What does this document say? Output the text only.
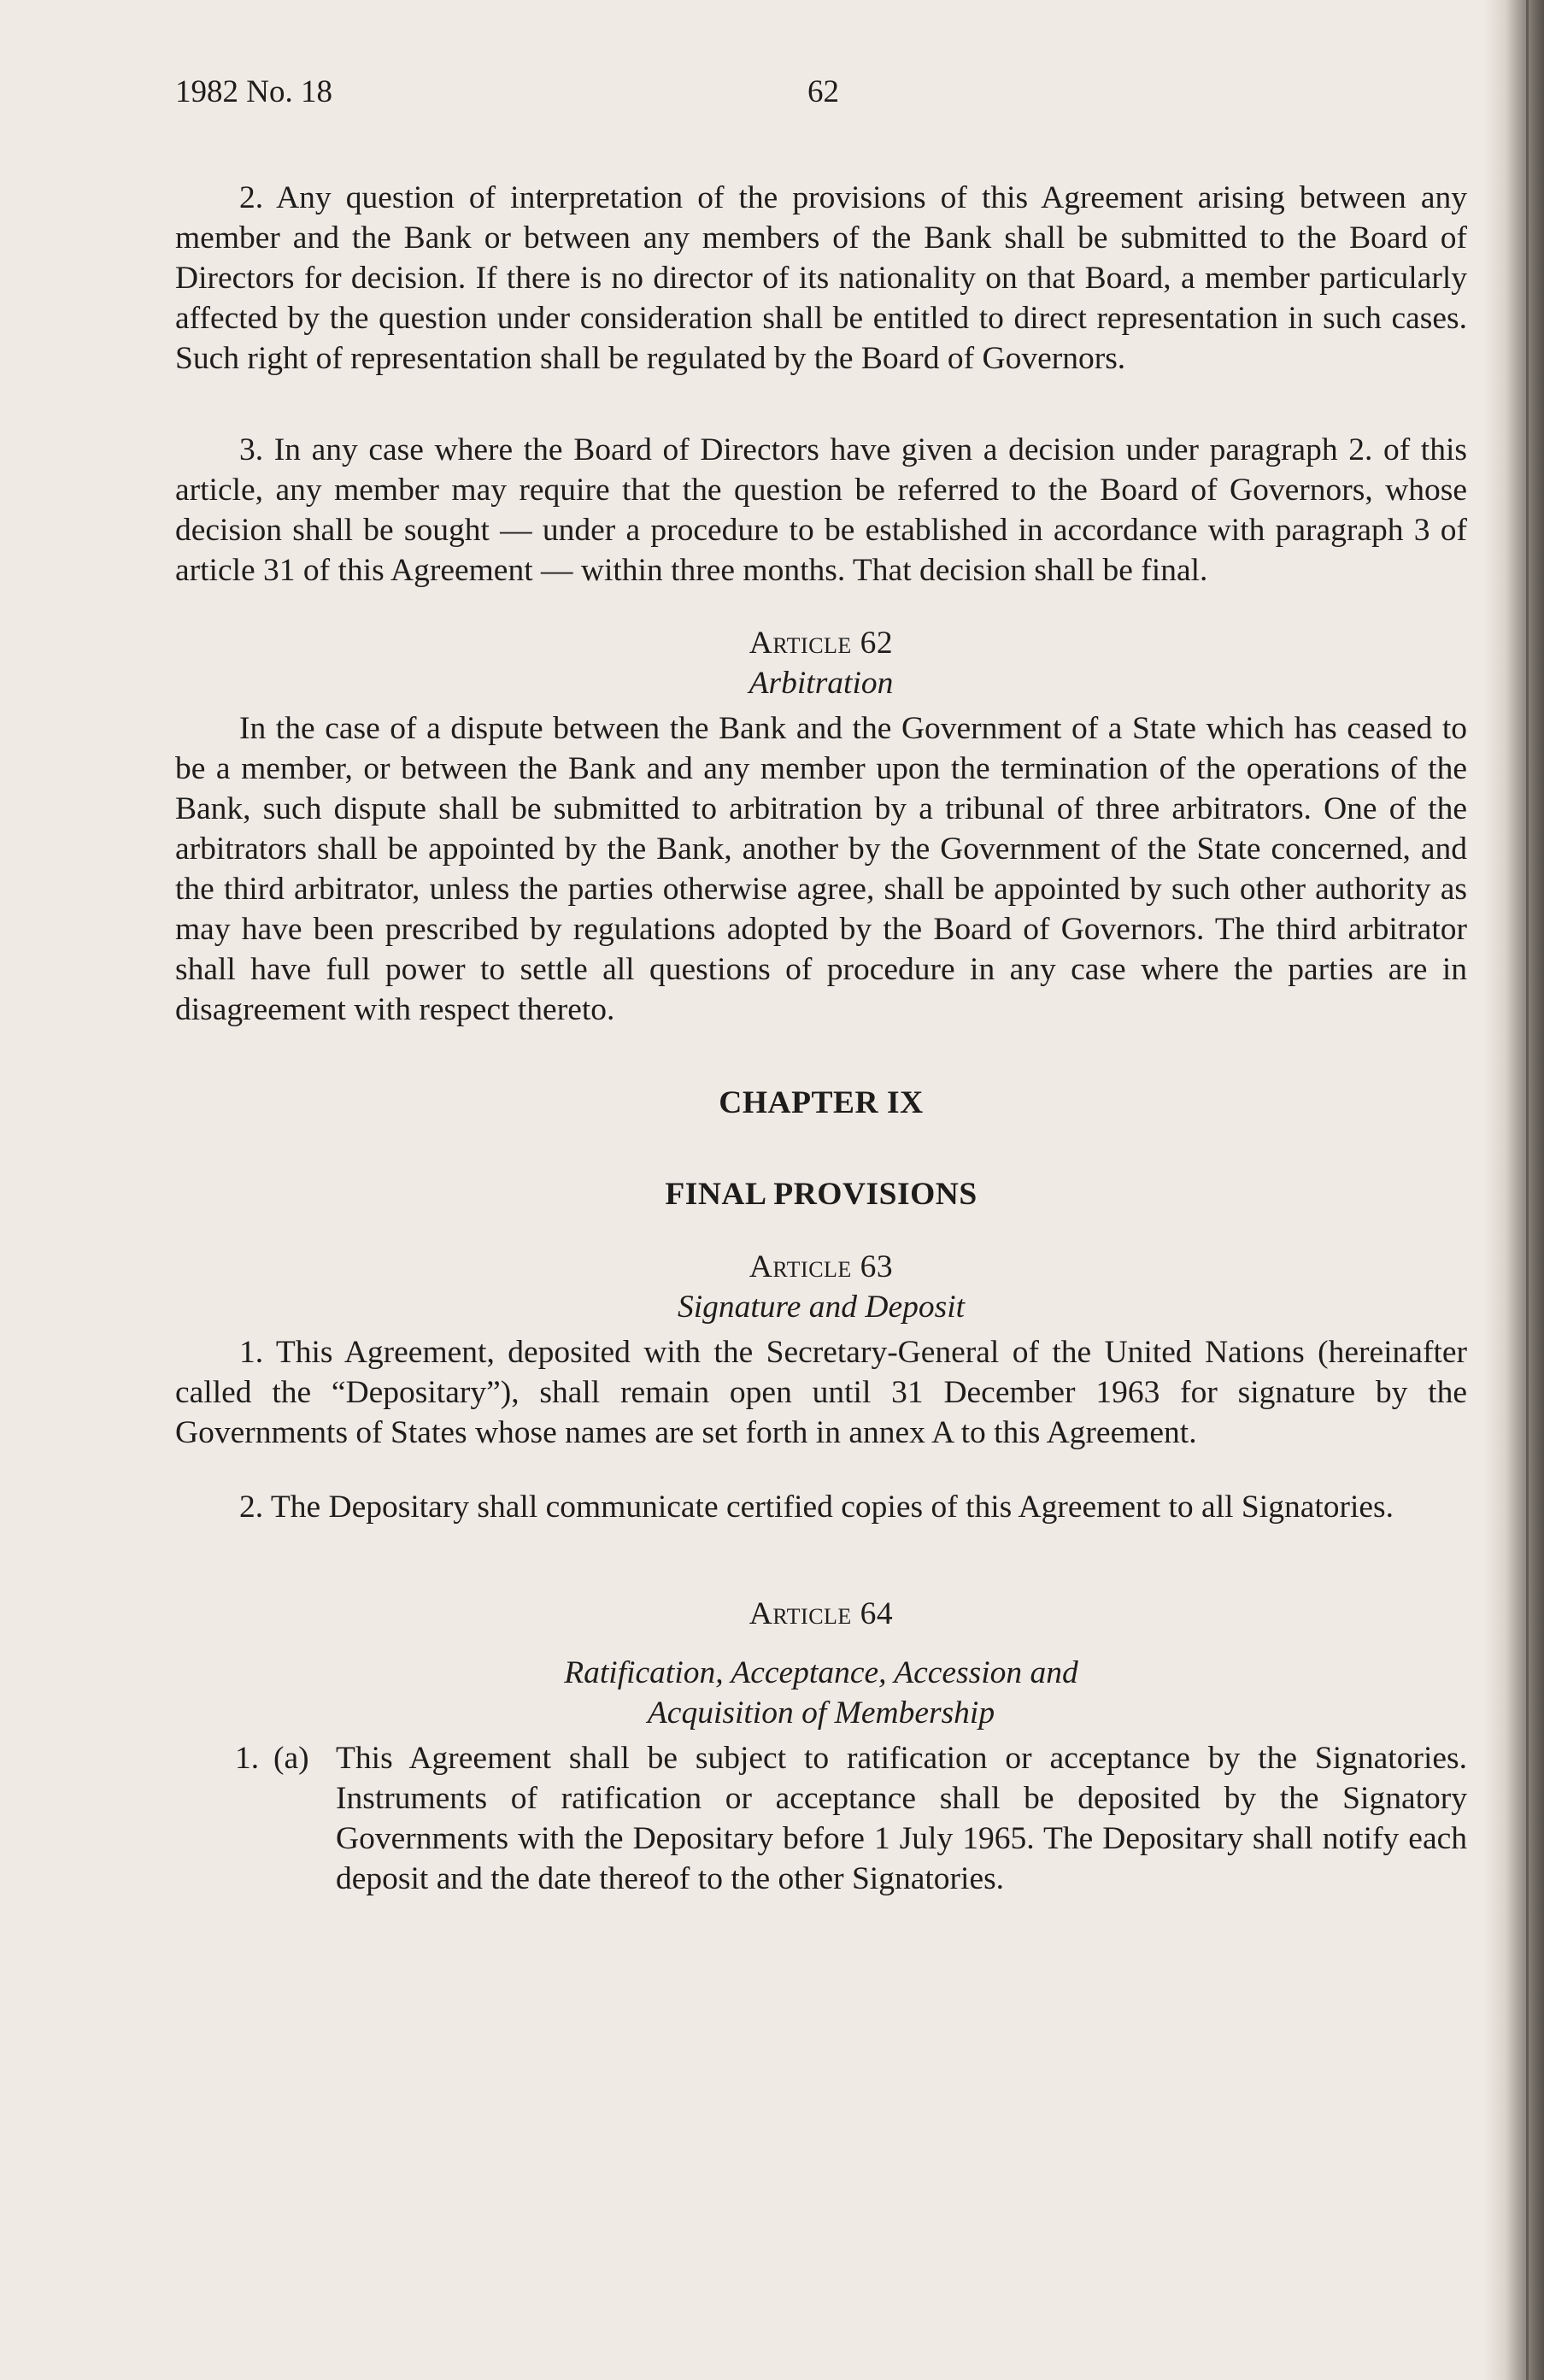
1982 No. 18	62

2. Any question of interpretation of the provisions of this Agreement arising between any member and the Bank or between any members of the Bank shall be submitted to the Board of Directors for decision. If there is no director of its nationality on that Board, a member particularly affected by the question under consideration shall be entitled to direct representation in such cases. Such right of representation shall be regulated by the Board of Governors.

3. In any case where the Board of Directors have given a decision under paragraph 2. of this article, any member may require that the question be referred to the Board of Governors, whose decision shall be sought — under a procedure to be established in accordance with paragraph 3 of article 31 of this Agreement — within three months. That decision shall be final.

Article 62
Arbitration

In the case of a dispute between the Bank and the Government of a State which has ceased to be a member, or between the Bank and any member upon the termination of the operations of the Bank, such dispute shall be submitted to arbitration by a tribunal of three arbitrators. One of the arbitrators shall be appointed by the Bank, another by the Government of the State concerned, and the third arbitrator, unless the parties otherwise agree, shall be appointed by such other authority as may have been prescribed by regulations adopted by the Board of Governors. The third arbitrator shall have full power to settle all questions of procedure in any case where the parties are in disagreement with respect thereto.

CHAPTER IX
FINAL PROVISIONS
Article 63
Signature and Deposit

1. This Agreement, deposited with the Secretary-General of the United Nations (hereinafter called the “Depositary”), shall remain open until 31 December 1963 for signature by the Governments of States whose names are set forth in annex A to this Agreement.

2. The Depositary shall communicate certified copies of this Agreement to all Signatories.

Article 64
Ratification, Acceptance, Accession and
Acquisition of Membership
1. (a) This Agreement shall be subject to ratification or acceptance by the Signatories. Instruments of ratification or acceptance shall be deposited by the Signatory Governments with the Depositary before 1 July 1965. The Depositary shall notify each deposit and the date thereof to the other Signatories.
